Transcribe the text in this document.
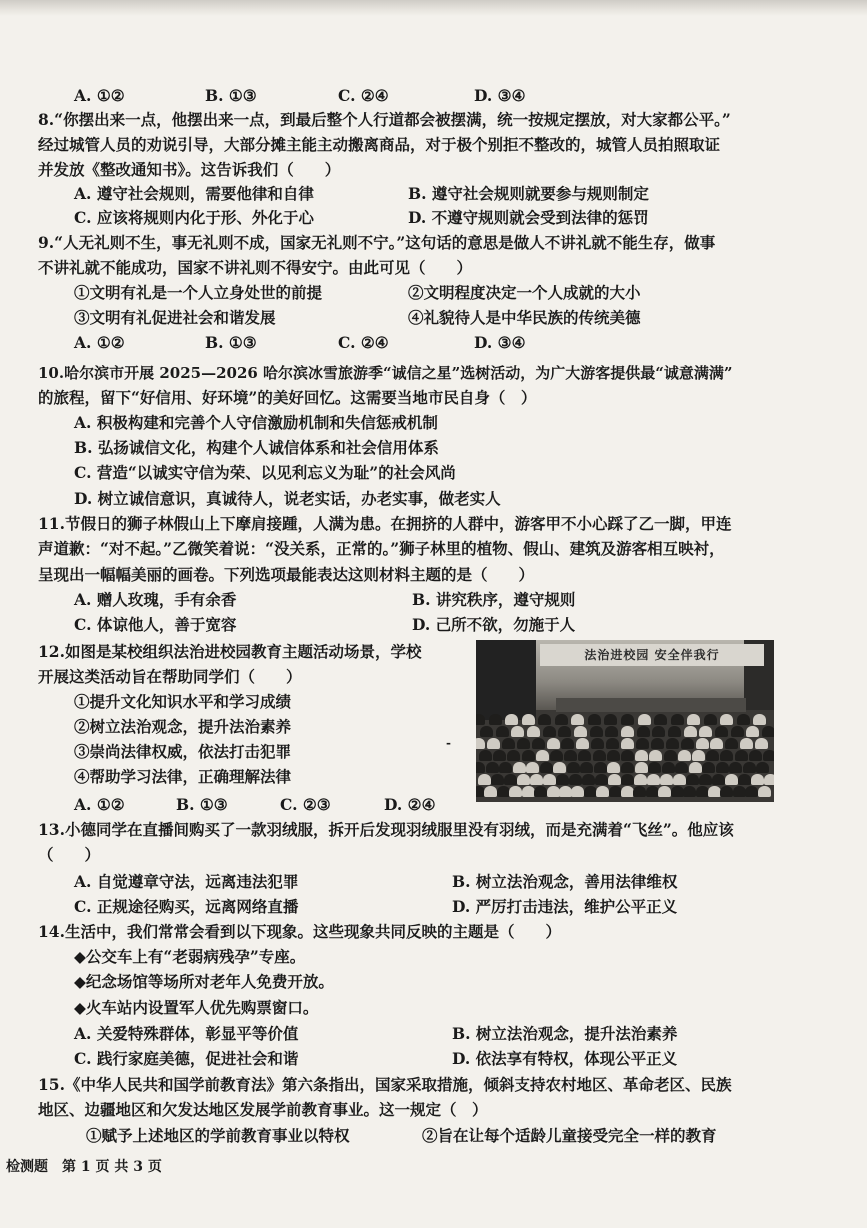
A. ①②	B. ①③	C. ②④	D. ③④
8.“你摆出来一点，他摆出来一点，到最后整个人行道都会被摆满，统一按规定摆放，对大家都公平。”
经过城管人员的劝说引导，大部分摊主能主动搬离商品，对于极个别拒不整改的，城管人员拍照取证
并发放《整改通知书》。这告诉我们（　　）
A. 遵守社会规则，需要他律和自律	B. 遵守社会规则就要参与规则制定
C. 应该将规则内化于形、外化于心	D. 不遵守规则就会受到法律的惩罚
9.“人无礼则不生，事无礼则不成，国家无礼则不宁。”这句话的意思是做人不讲礼就不能生存，做事
不讲礼就不能成功，国家不讲礼则不得安宁。由此可见（　　）
①文明有礼是一个人立身处世的前提	②文明程度决定一个人成就的大小
③文明有礼促进社会和谐发展	④礼貌待人是中华民族的传统美德
A. ①②	B. ①③	C. ②④	D. ③④
10.哈尔滨市开展 2025—2026 哈尔滨冰雪旅游季“诚信之星”选树活动，为广大游客提供最“诚意满满”
的旅程，留下“好信用、好环境”的美好回忆。这需要当地市民自身（　）
A. 积极构建和完善个人守信激励机制和失信惩戒机制
B. 弘扬诚信文化，构建个人诚信体系和社会信用体系
C. 营造“以诚实守信为荣、以见利忘义为耻”的社会风尚
D. 树立诚信意识，真诚待人，说老实话，办老实事，做老实人
11.节假日的狮子林假山上下摩肩接踵，人满为患。在拥挤的人群中，游客甲不小心踩了乙一脚，甲连
声道歉：“对不起。”乙微笑着说：“没关系，正常的。”狮子林里的植物、假山、建筑及游客相互映衬，
呈现出一幅幅美丽的画卷。下列选项最能表达这则材料主题的是（　　）
A. 赠人玫瑰，手有余香	B. 讲究秩序，遵守规则
C. 体谅他人，善于宽容	D. 己所不欲，勿施于人
12.如图是某校组织法治进校园教育主题活动场景，学校
开展这类活动旨在帮助同学们（　　）
①提升文化知识水平和学习成绩
②树立法治观念，提升法治素养
③崇尚法律权威，依法打击犯罪
④帮助学习法律，正确理解法律
A. ①②	B. ①③	C. ②③	D. ②④
-
法治进校园 安全伴我行
13.小德同学在直播间购买了一款羽绒服，拆开后发现羽绒服里没有羽绒，而是充满着“飞丝”。他应该
（　　）
A. 自觉遵章守法，远离违法犯罪	B. 树立法治观念，善用法律维权
C. 正规途径购买，远离网络直播	D. 严厉打击违法，维护公平正义
14.生活中，我们常常会看到以下现象。这些现象共同反映的主题是（　　）
◆公交车上有“老弱病残孕”专座。
◆纪念场馆等场所对老年人免费开放。
◆火车站内设置军人优先购票窗口。
A. 关爱特殊群体，彰显平等价值	B. 树立法治观念，提升法治素养
C. 践行家庭美德，促进社会和谐	D. 依法享有特权，体现公平正义
15.《中华人民共和国学前教育法》第六条指出，国家采取措施，倾斜支持农村地区、革命老区、民族
地区、边疆地区和欠发达地区发展学前教育事业。这一规定（　）
①赋予上述地区的学前教育事业以特权	②旨在让每个适龄儿童接受完全一样的教育
检测题　第 1 页 共 3 页
